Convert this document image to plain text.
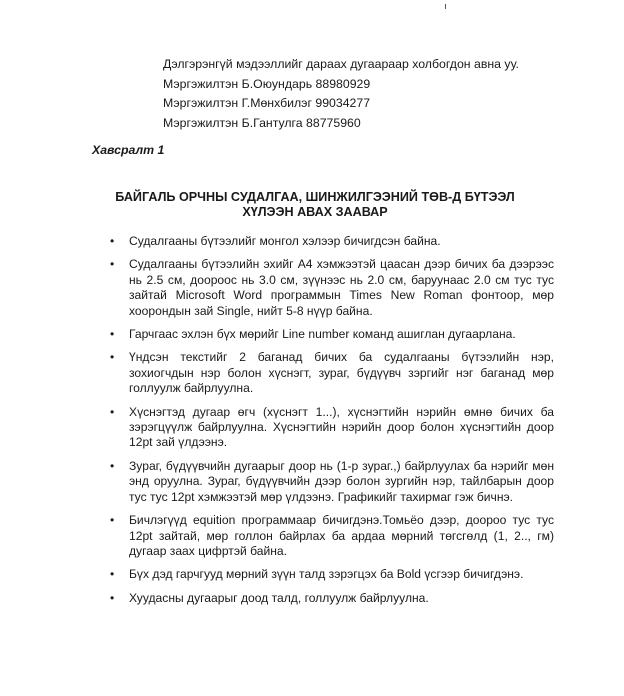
Дэлгэрэнгүй мэдээллийг дараах дугаараар холбогдон авна уу.
Мэргэжилтэн Б.Оюундарь 88980929
Мэргэжилтэн Г.Мөнхбилэг 99034277
Мэргэжилтэн Б.Гантулга 88775960
Хавсралт 1
БАЙГАЛЬ ОРЧНЫ СУДАЛГАА, ШИНЖИЛГЭЭНИЙ ТӨВ-Д БҮТЭЭЛ ХҮЛЭЭН АВАХ ЗААВАР
• Судалгааны бүтээлийг монгол хэлээр бичигдсэн байна.
• Судалгааны бүтээлийн эхийг А4 хэмжээтэй цаасан дээр бичих ба дээрээс нь 2.5 см, доороос нь 3.0 см, зүүнээс нь 2.0 см, баруунаас 2.0 см тус тус зайтай Microsoft Word программын Times New Roman фонтоор, мөр хоорондын зай Single, нийт 5-8 нүүр байна.
• Гарчгаас эхлэн бүх мөрийг Line number команд ашиглан дугаарлана.
• Үндсэн текстийг 2 баганад бичих ба судалгааны бүтээлийн нэр, зохиогчдын нэр болон хүснэгт, зураг, бүдүүвч зэргийг нэг баганад мөр голлуулж байрлуулна.
• Хүснэгтэд дугаар өгч (хүснэгт 1...), хүснэгтийн нэрийн өмнө бичих ба зэрэгцүүлж байрлуулна. Хүснэгтийн нэрийн доор болон хүснэгтийн доор 12pt зай үлдээнэ.
• Зураг, бүдүүвчийн дугаарыг доор нь (1-р зураг.,) байрлуулах ба нэрийг мөн энд оруулна. Зураг, бүдүүвчийн дээр болон зургийн нэр, тайлбарын доор тус тус 12pt хэмжээтэй мөр үлдээнэ. Графикийг тахирмаг гэж бичнэ.
• Бичлэгүүд equition программаар бичигдэнэ.Томьёо дээр, доороо тус тус 12pt зайтай, мөр голлон байрлах ба ардаа мөрний төгсгөлд (1, 2.., гм) дугаар заах цифртэй байна.
• Бүх дэд гарчгууд мөрний зүүн талд зэрэгцэх ба Bold үсгээр бичигдэнэ.
• Хуудасны дугаарыг доод талд, голлуулж байрлуулна.
